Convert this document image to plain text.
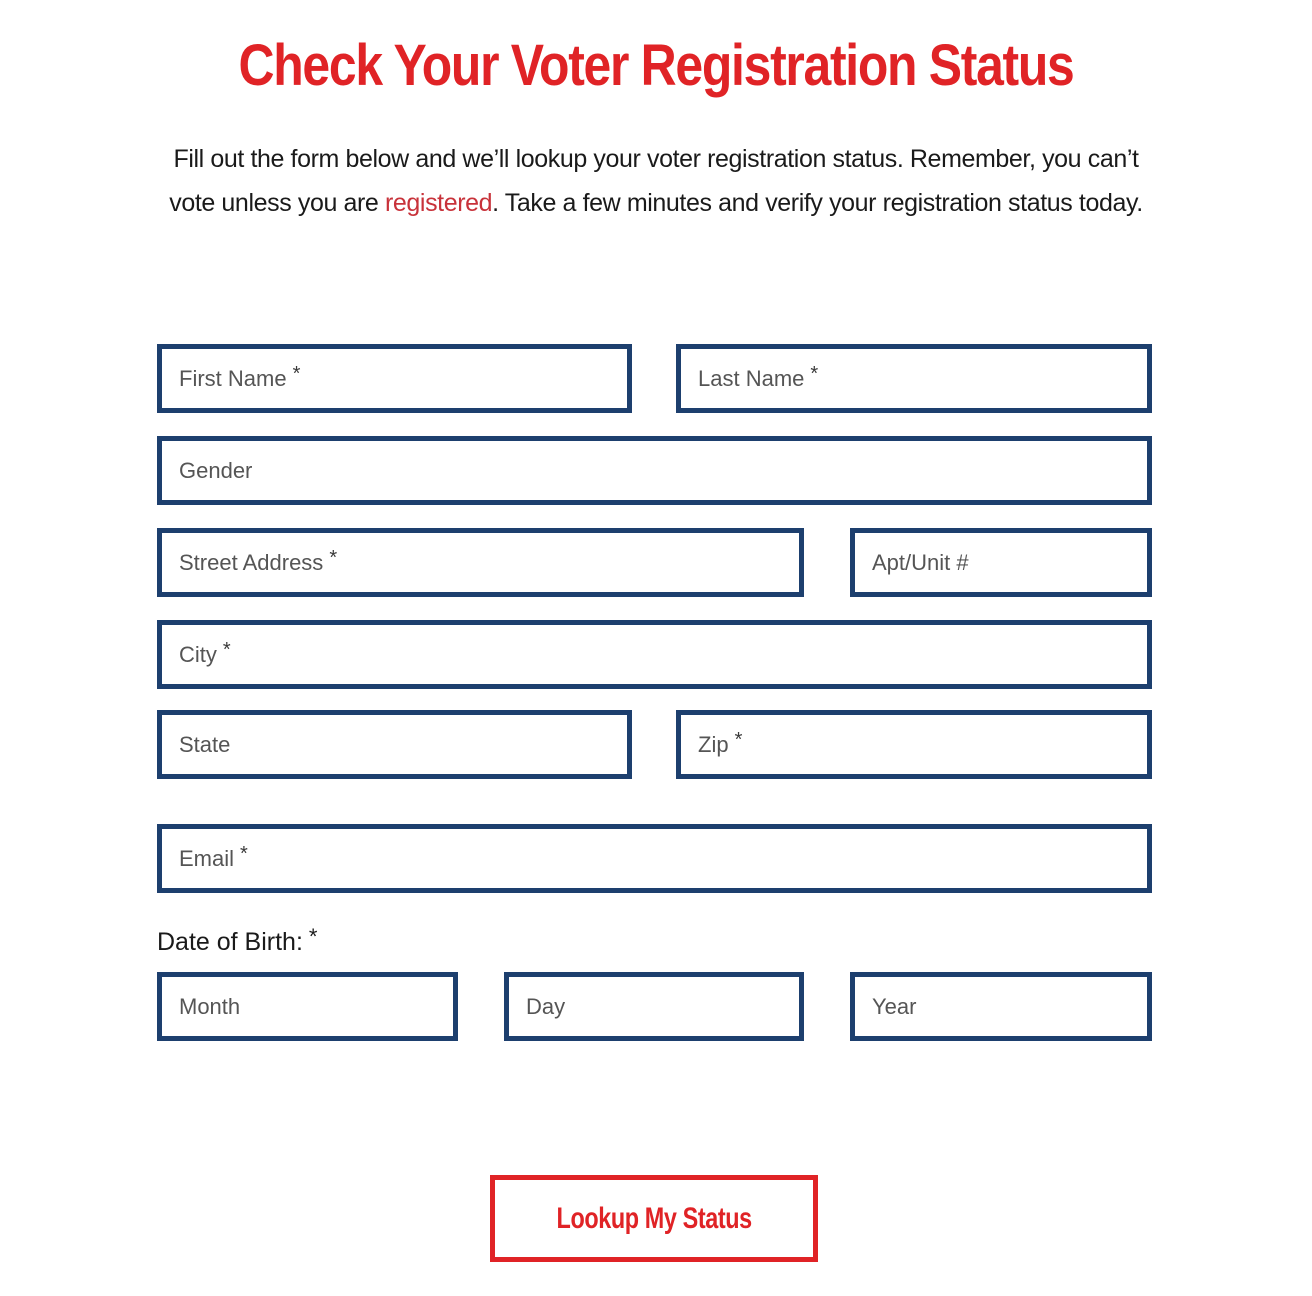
Check Your Voter Registration Status

Fill out the form below and we’ll lookup your voter registration status. Remember, you can’t vote unless you are registered. Take a few minutes and verify your registration status today.

First Name *	Last Name *
Gender
Street Address *	Apt/Unit #
City *
State	Zip *
Email *
Date of Birth: *
Month	Day	Year
Lookup My Status
